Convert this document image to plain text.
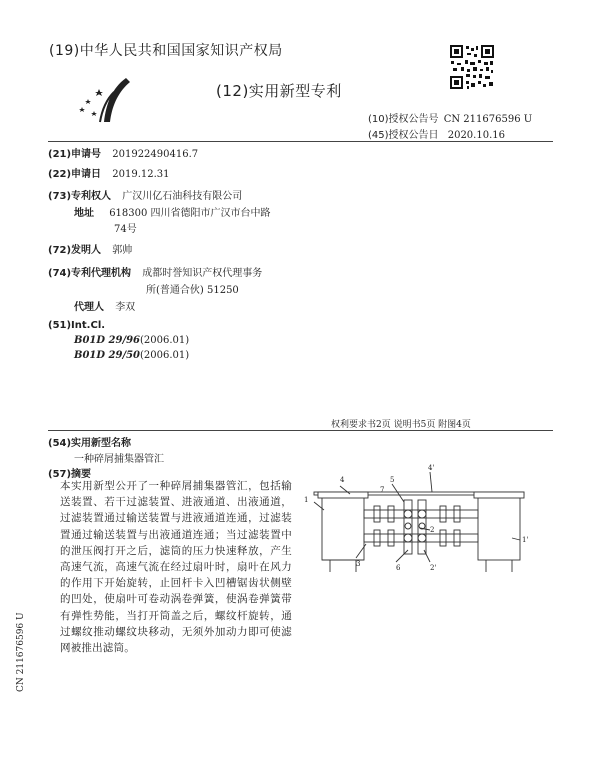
(19)中华人民共和国国家知识产权局
(12)实用新型专利
(10)授权公告号 CN 211676596 U
(45)授权公告日 2020.10.16
(21)申请号 201922490416.7
(22)申请日 2019.12.31
(73)专利权人 广汉川亿石油科技有限公司
地址 618300 四川省德阳市广汉市台中路
74号
(72)发明人 郭帅
(74)专利代理机构 成都时誉知识产权代理事务
所(普通合伙) 51250
代理人 李双
(51)Int.Cl.
B01D 29/96(2006.01)
B01D 29/50(2006.01)
权利要求书2页 说明书5页 附图4页
(54)实用新型名称
一种碎屑捕集器管汇
(57)摘要
本实用新型公开了一种碎屑捕集器管汇，包括输送装置、若干过滤装置、进液通道、出液通道，过滤装置通过输送装置与进液通道连通，过滤装置通过输送装置与出液通道连通；当过滤装置中的泄压阀打开之后，滤筒的压力快速释放，产生高速气流，高速气流在经过扇叶时，扇叶在风力的作用下开始旋转，止回杆卡入凹槽锯齿状侧壁的凹处，使扇叶可卷动涡卷弹簧，使涡卷弹簧带有弹性势能，当打开筒盖之后，螺纹杆旋转，通过螺纹推动螺纹块移动，无须外加动力即可使滤网被推出滤筒。
1
4	5
7
4'
2
1'
3	6	2'
CN 211676596 U
